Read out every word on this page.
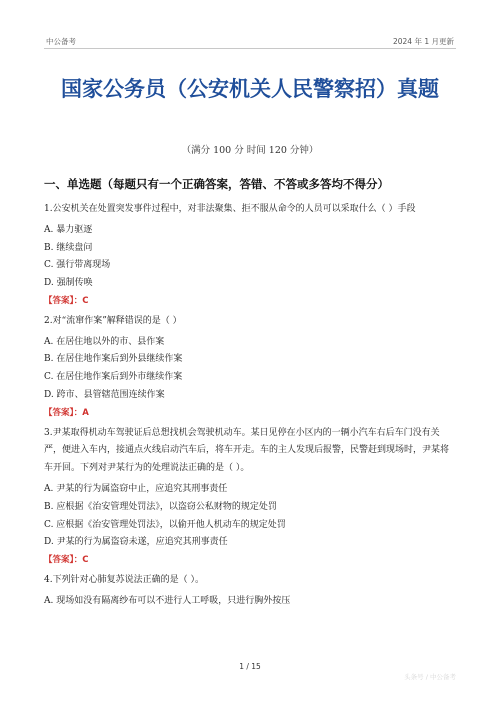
中公备考	2024 年 1 月更新
国家公务员（公安机关人民警察招）真题
（满分 100 分 时间 120 分钟）
一、单选题（每题只有一个正确答案，答错、不答或多答均不得分）
1.公安机关在处置突发事件过程中，对非法聚集、拒不服从命令的人员可以采取什么（ ）手段
A. 暴力驱逐
B. 继续盘问
C. 强行带离现场
D. 强制传唤
【答案】：C
2.对“流窜作案”解释错误的是（ ）
A. 在居住地以外的市、县作案
B. 在居住地作案后到外县继续作案
C. 在居住地作案后到外市继续作案
D. 跨市、县管辖范围连续作案
【答案】：A
3.尹某取得机动车驾驶证后总想找机会驾驶机动车。某日见停在小区内的一辆小汽车右后车门没有关严，便进入车内，接通点火线启动汽车后，将车开走。车的主人发现后报警，民警赶到现场时，尹某将车开回。下列对尹某行为的处理说法正确的是（ ）。
A. 尹某的行为属盗窃中止，应追究其刑事责任
B. 应根据《治安管理处罚法》，以盗窃公私财物的规定处罚
C. 应根据《治安管理处罚法》，以偷开他人机动车的规定处罚
D. 尹某的行为属盗窃未遂，应追究其刑事责任
【答案】：C
4.下列针对心肺复苏说法正确的是（ ）。
A. 现场如没有隔离纱布可以不进行人工呼吸，只进行胸外按压
1 / 15
头条号 / 中公备考
